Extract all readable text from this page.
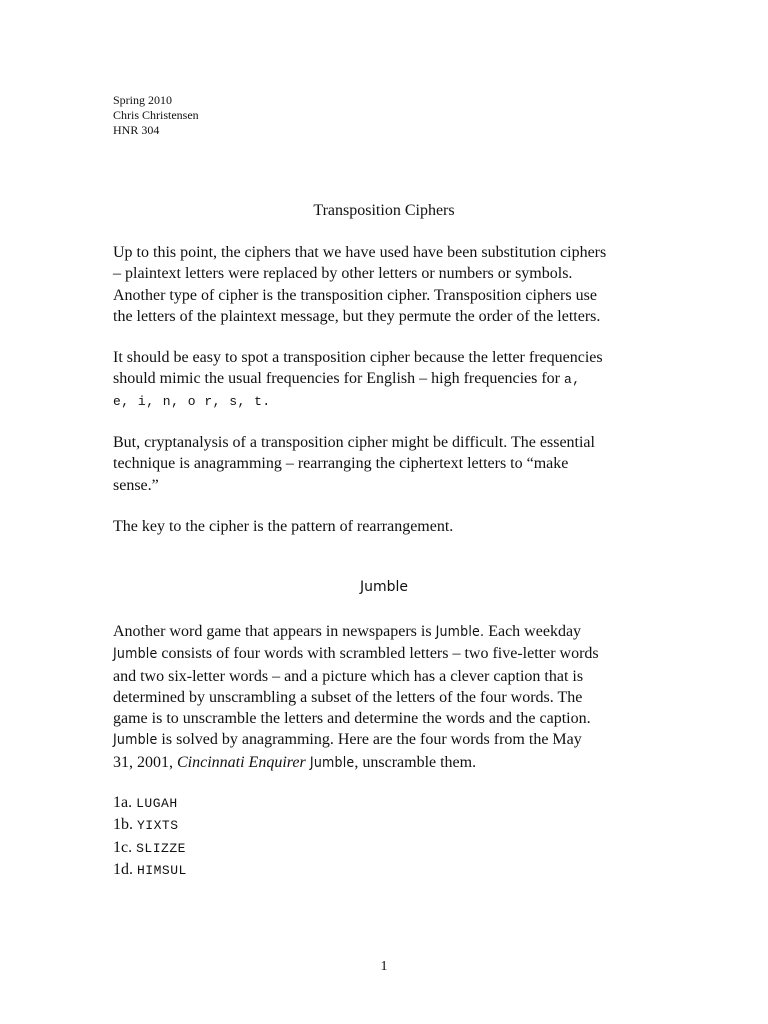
Spring 2010
Chris Christensen
HNR 304
Transposition Ciphers
Up to this point, the ciphers that we have used have been substitution ciphers
– plaintext letters were replaced by other letters or numbers or symbols.
Another type of cipher is the transposition cipher. Transposition ciphers use
the letters of the plaintext message, but they permute the order of the letters.
It should be easy to spot a transposition cipher because the letter frequencies
should mimic the usual frequencies for English – high frequencies for a,
e, i, n, o r, s, t.
But, cryptanalysis of a transposition cipher might be difficult. The essential
technique is anagramming – rearranging the ciphertext letters to “make
sense.”
The key to the cipher is the pattern of rearrangement.
Jumble
Another word game that appears in newspapers is Jumble. Each weekday
Jumble consists of four words with scrambled letters – two five-letter words
and two six-letter words – and a picture which has a clever caption that is
determined by unscrambling a subset of the letters of the four words. The
game is to unscramble the letters and determine the words and the caption.
Jumble is solved by anagramming. Here are the four words from the May
31, 2001, Cincinnati Enquirer Jumble, unscramble them.
1a. LUGAH
1b. YIXTS
1c. SLIZZE
1d. HIMSUL
1
